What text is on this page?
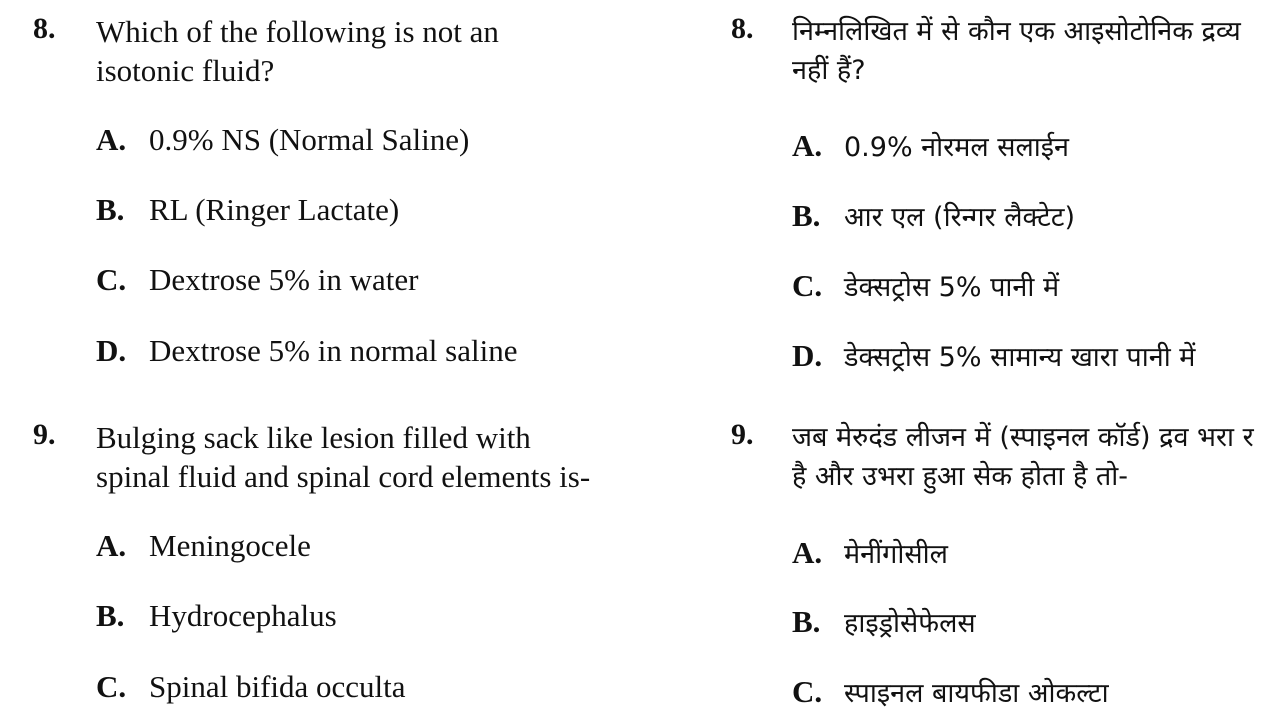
8. Which of the following is not an
isotonic fluid?
A. 0.9% NS (Normal Saline)
B. RL (Ringer Lactate)
C. Dextrose 5% in water
D. Dextrose 5% in normal saline
9. Bulging sack like lesion filled with
spinal fluid and spinal cord elements is-
A. Meningocele
B. Hydrocephalus
C. Spinal bifida occulta
8. निम्नलिखित में से कौन एक आइसोटोनिक द्रव्य
नहीं हैं?
A. 0.9% नोरमल सलाईन
B. आर एल (रिन्गर लैक्टेट)
C. डेक्सट्रोस 5% पानी में
D. डेक्सट्रोस 5% सामान्य खारा पानी में
9. जब मेरुदंड लीजन में (स्पाइनल कॉर्ड) द्रव भरा र
है और उभरा हुआ सेक होता है तो-
A. मेनींगोसील
B. हाइड्रोसेफेलस
C. स्पाइनल बायफीडा ओकल्टा
